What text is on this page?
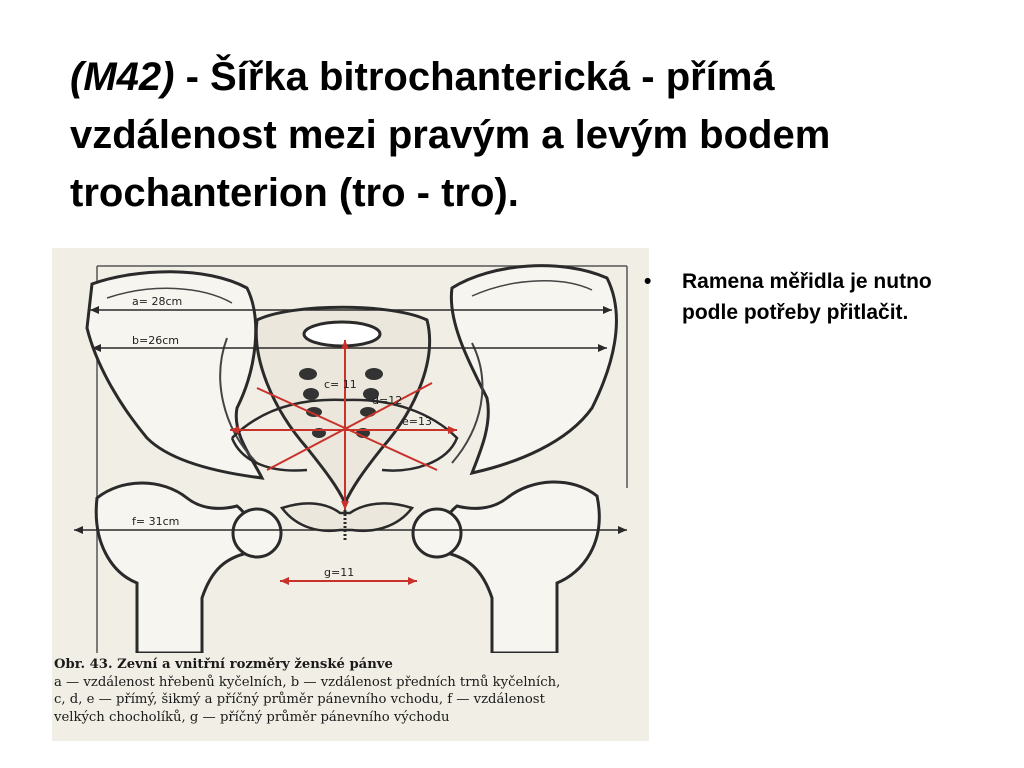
(M42) - Šířka bitrochanterická - přímá vzdálenost mezi pravým a levým bodem trochanterion (tro - tro).
a= 28cm
b=26cm
c= 11
d=12
e=13
f= 31cm
g=11
Obr. 43. Zevní a vnitřní rozměry ženské pánve
a — vzdálenost hřebenů kyčelních, b — vzdálenost předních trnů kyčelních,
c, d, e — přímý, šikmý a příčný průměr pánevního vchodu, f — vzdálenost
velkých chocholíků, g — příčný průměr pánevního východu
• Ramena měřidla je nutno podle potřeby přitlačit.
